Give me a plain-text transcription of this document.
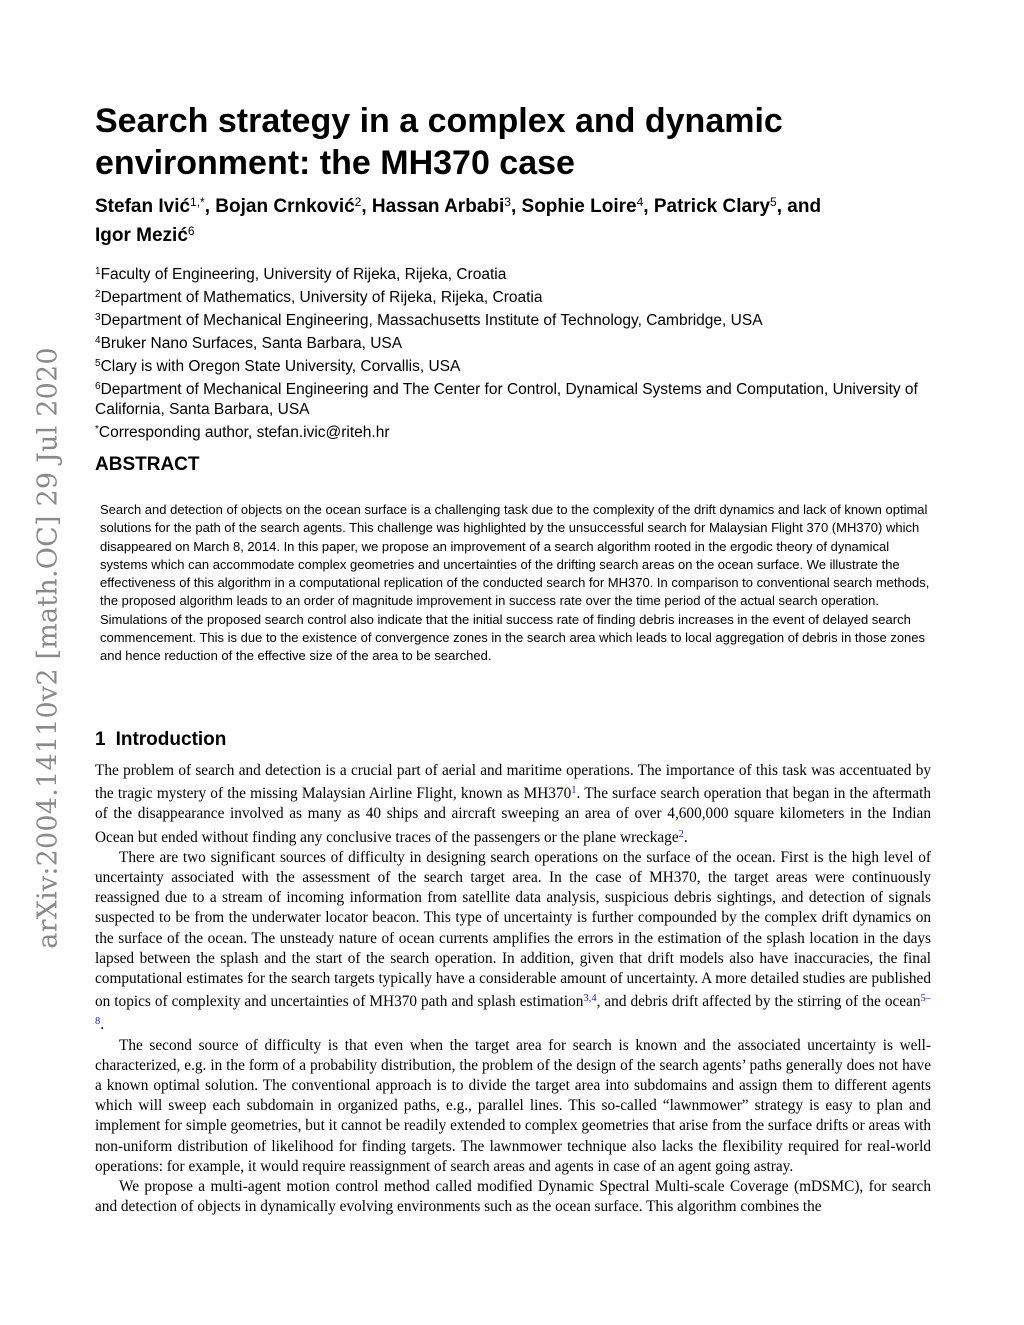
arXiv:2004.14110v2 [math.OC] 29 Jul 2020
Search strategy in a complex and dynamic environment: the MH370 case
Stefan Ivić$^{1,*}$, Bojan Crnković$^2$, Hassan Arbabi$^3$, Sophie Loire$^4$, Patrick Clary$^5$, and
Igor Mezić$^6$
$^1$Faculty of Engineering, University of Rijeka, Rijeka, Croatia
$^2$Department of Mathematics, University of Rijeka, Rijeka, Croatia
$^3$Department of Mechanical Engineering, Massachusetts Institute of Technology, Cambridge, USA
$^4$Bruker Nano Surfaces, Santa Barbara, USA
$^5$Clary is with Oregon State University, Corvallis, USA
$^6$Department of Mechanical Engineering and The Center for Control, Dynamical Systems and Computation, University of California, Santa Barbara, USA
*Corresponding author, stefan.ivic@riteh.hr
ABSTRACT
Search and detection of objects on the ocean surface is a challenging task due to the complexity of the drift dynamics and lack of known optimal solutions for the path of the search agents. This challenge was highlighted by the unsuccessful search for Malaysian Flight 370 (MH370) which disappeared on March 8, 2014. In this paper, we propose an improvement of a search algorithm rooted in the ergodic theory of dynamical systems which can accommodate complex geometries and uncertainties of the drifting search areas on the ocean surface. We illustrate the effectiveness of this algorithm in a computational replication of the conducted search for MH370. In comparison to conventional search methods, the proposed algorithm leads to an order of magnitude improvement in success rate over the time period of the actual search operation. Simulations of the proposed search control also indicate that the initial success rate of finding debris increases in the event of delayed search commencement. This is due to the existence of convergence zones in the search area which leads to local aggregation of debris in those zones and hence reduction of the effective size of the area to be searched.
1 Introduction

The problem of search and detection is a crucial part of aerial and maritime operations. The importance of this task was accentuated by the tragic mystery of the missing Malaysian Airline Flight, known as MH370$^1$. The surface search operation that began in the aftermath of the disappearance involved as many as 40 ships and aircraft sweeping an area of over 4,600,000 square kilometers in the Indian Ocean but ended without finding any conclusive traces of the passengers or the plane wreckage$^2$.

There are two significant sources of difficulty in designing search operations on the surface of the ocean. First is the high level of uncertainty associated with the assessment of the search target area. In the case of MH370, the target areas were continuously reassigned due to a stream of incoming information from satellite data analysis, suspicious debris sightings, and detection of signals suspected to be from the underwater locator beacon. This type of uncertainty is further compounded by the complex drift dynamics on the surface of the ocean. The unsteady nature of ocean currents amplifies the errors in the estimation of the splash location in the days lapsed between the splash and the start of the search operation. In addition, given that drift models also have inaccuracies, the final computational estimates for the search targets typically have a considerable amount of uncertainty. A more detailed studies are published on topics of complexity and uncertainties of MH370 path and splash estimation$^{3,4}$, and debris drift affected by the stirring of the ocean$^{5-8}$.

The second source of difficulty is that even when the target area for search is known and the associated uncertainty is well-characterized, e.g. in the form of a probability distribution, the problem of the design of the search agents’ paths generally does not have a known optimal solution. The conventional approach is to divide the target area into subdomains and assign them to different agents which will sweep each subdomain in organized paths, e.g., parallel lines. This so-called “lawnmower” strategy is easy to plan and implement for simple geometries, but it cannot be readily extended to complex geometries that arise from the surface drifts or areas with non-uniform distribution of likelihood for finding targets. The lawnmower technique also lacks the flexibility required for real-world operations: for example, it would require reassignment of search areas and agents in case of an agent going astray.

We propose a multi-agent motion control method called modified Dynamic Spectral Multi-scale Coverage (mDSMC), for search and detection of objects in dynamically evolving environments such as the ocean surface. This algorithm combines the
